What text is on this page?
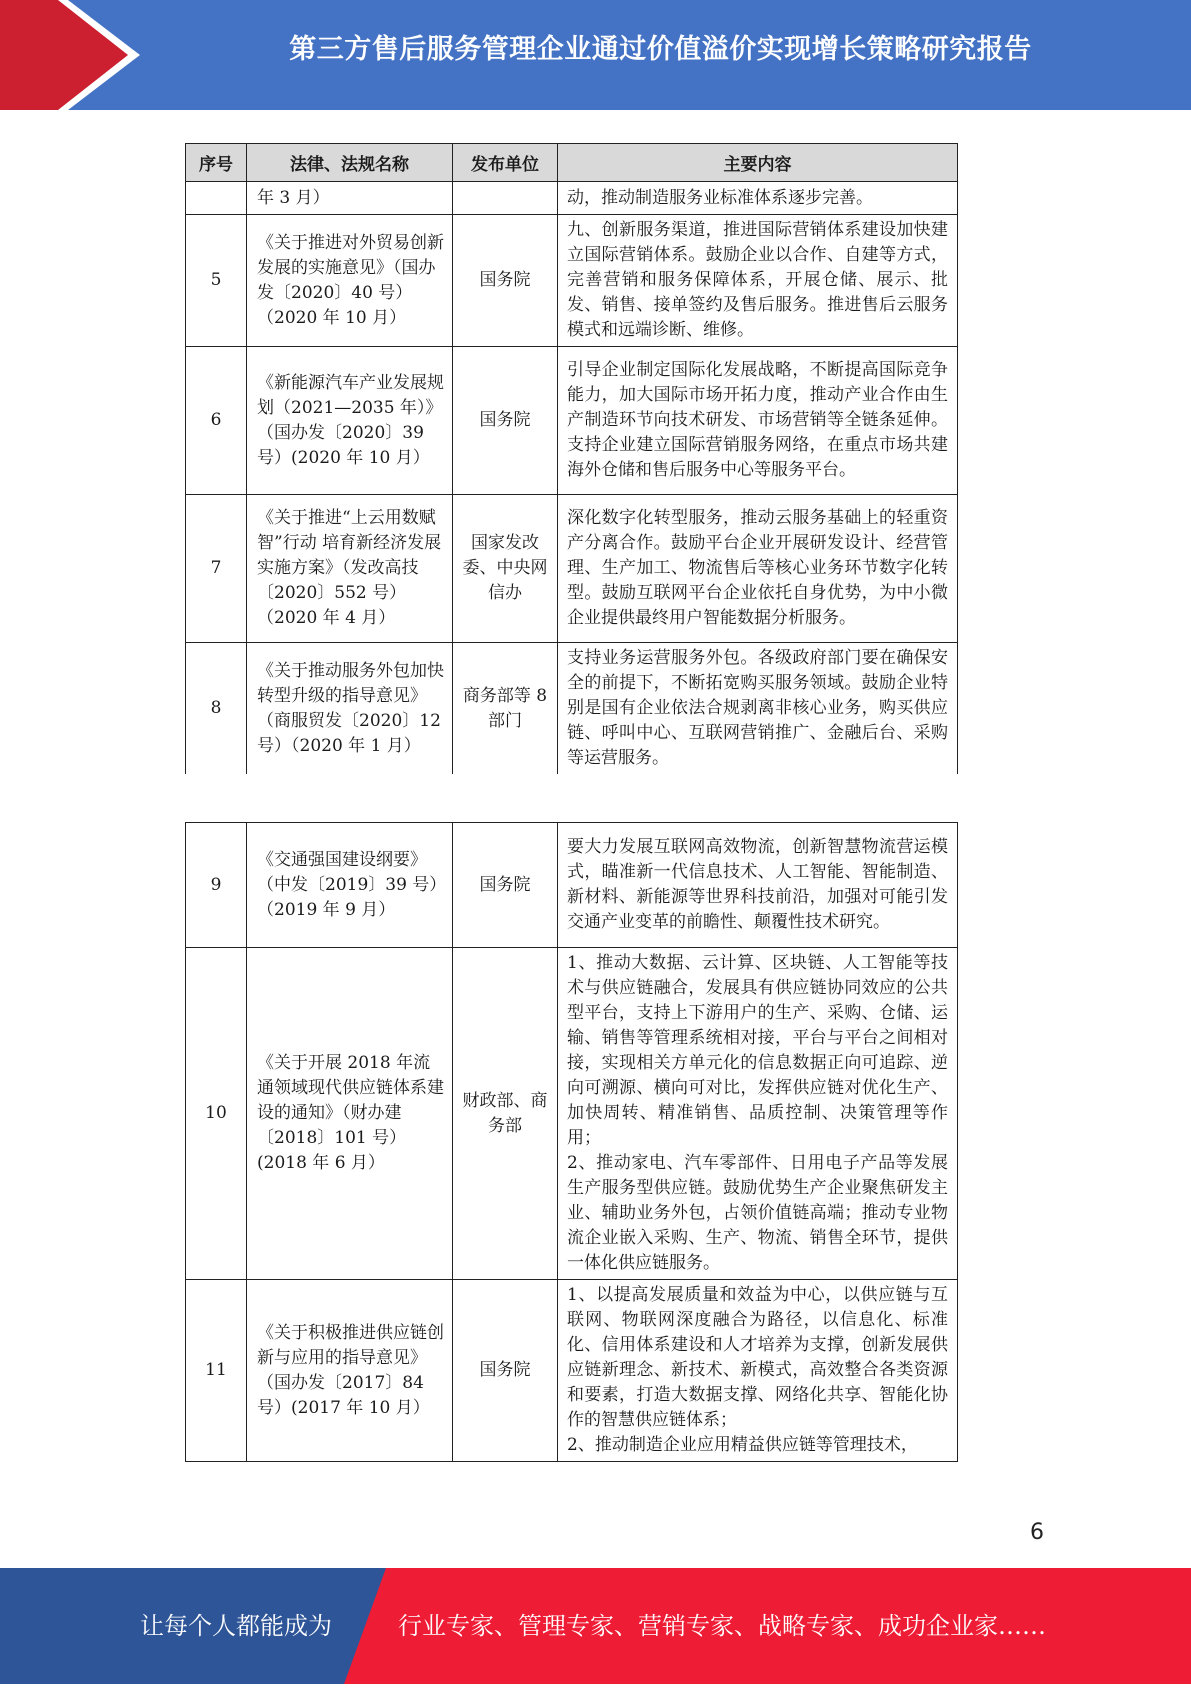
第三方售后服务管理企业通过价值溢价实现增长策略研究报告
序号	法律、法规名称	发布单位	主要内容
	年 3 月）		动，推动制造服务业标准体系逐步完善。
5	《关于推进对外贸易创新发展的实施意见》（国办发〔2020〕40 号）（2020 年 10 月）	国务院	九、创新服务渠道，推进国际营销体系建设加快建立国际营销体系。鼓励企业以合作、自建等方式，完善营销和服务保障体系，开展仓储、展示、批发、销售、接单签约及售后服务。推进售后云服务模式和远端诊断、维修。
6	《新能源汽车产业发展规划（2021—2035 年）》（国办发〔2020〕39 号）(2020 年 10 月）	国务院	引导企业制定国际化发展战略，不断提高国际竞争能力，加大国际市场开拓力度，推动产业合作由生产制造环节向技术研发、市场营销等全链条延伸。支持企业建立国际营销服务网络，在重点市场共建海外仓储和售后服务中心等服务平台。
7	《关于推进“上云用数赋智”行动 培育新经济发展实施方案》（发改高技〔2020〕552 号）（2020 年 4 月）	国家发改委、中央网信办	深化数字化转型服务，推动云服务基础上的轻重资产分离合作。鼓励平台企业开展研发设计、经营管理、生产加工、物流售后等核心业务环节数字化转型。鼓励互联网平台企业依托自身优势，为中小微企业提供最终用户智能数据分析服务。
8	《关于推动服务外包加快转型升级的指导意见》（商服贸发〔2020〕12 号）（2020 年 1 月）	商务部等 8 部门	支持业务运营服务外包。各级政府部门要在确保安全的前提下，不断拓宽购买服务领域。鼓励企业特别是国有企业依法合规剥离非核心业务，购买供应链、呼叫中心、互联网营销推广、金融后台、采购等运营服务。
9	《交通强国建设纲要》（中发〔2019〕39 号）（2019 年 9 月）	国务院	要大力发展互联网高效物流，创新智慧物流营运模式，瞄准新一代信息技术、人工智能、智能制造、新材料、新能源等世界科技前沿，加强对可能引发交通产业变革的前瞻性、颠覆性技术研究。
10	《关于开展 2018 年流通领域现代供应链体系建设的通知》（财办建〔2018〕101 号）(2018 年 6 月）	财政部、商务部	1、推动大数据、云计算、区块链、人工智能等技术与供应链融合，发展具有供应链协同效应的公共型平台，支持上下游用户的生产、采购、仓储、运输、销售等管理系统相对接，平台与平台之间相对接，实现相关方单元化的信息数据正向可追踪、逆向可溯源、横向可对比，发挥供应链对优化生产、加快周转、精准销售、品质控制、决策管理等作用；
2、推动家电、汽车零部件、日用电子产品等发展生产服务型供应链。鼓励优势生产企业聚焦研发主业、辅助业务外包，占领价值链高端；推动专业物流企业嵌入采购、生产、物流、销售全环节，提供一体化供应链服务。
11	《关于积极推进供应链创新与应用的指导意见》（国办发〔2017〕84 号）(2017 年 10 月）	国务院	1、以提高发展质量和效益为中心，以供应链与互联网、物联网深度融合为路径，以信息化、标准化、信用体系建设和人才培养为支撑，创新发展供应链新理念、新技术、新模式，高效整合各类资源和要素，打造大数据支撑、网络化共享、智能化协作的智慧供应链体系；
2、推动制造企业应用精益供应链等管理技术，
6
让每个人都能成为	行业专家、管理专家、营销专家、战略专家、成功企业家……
